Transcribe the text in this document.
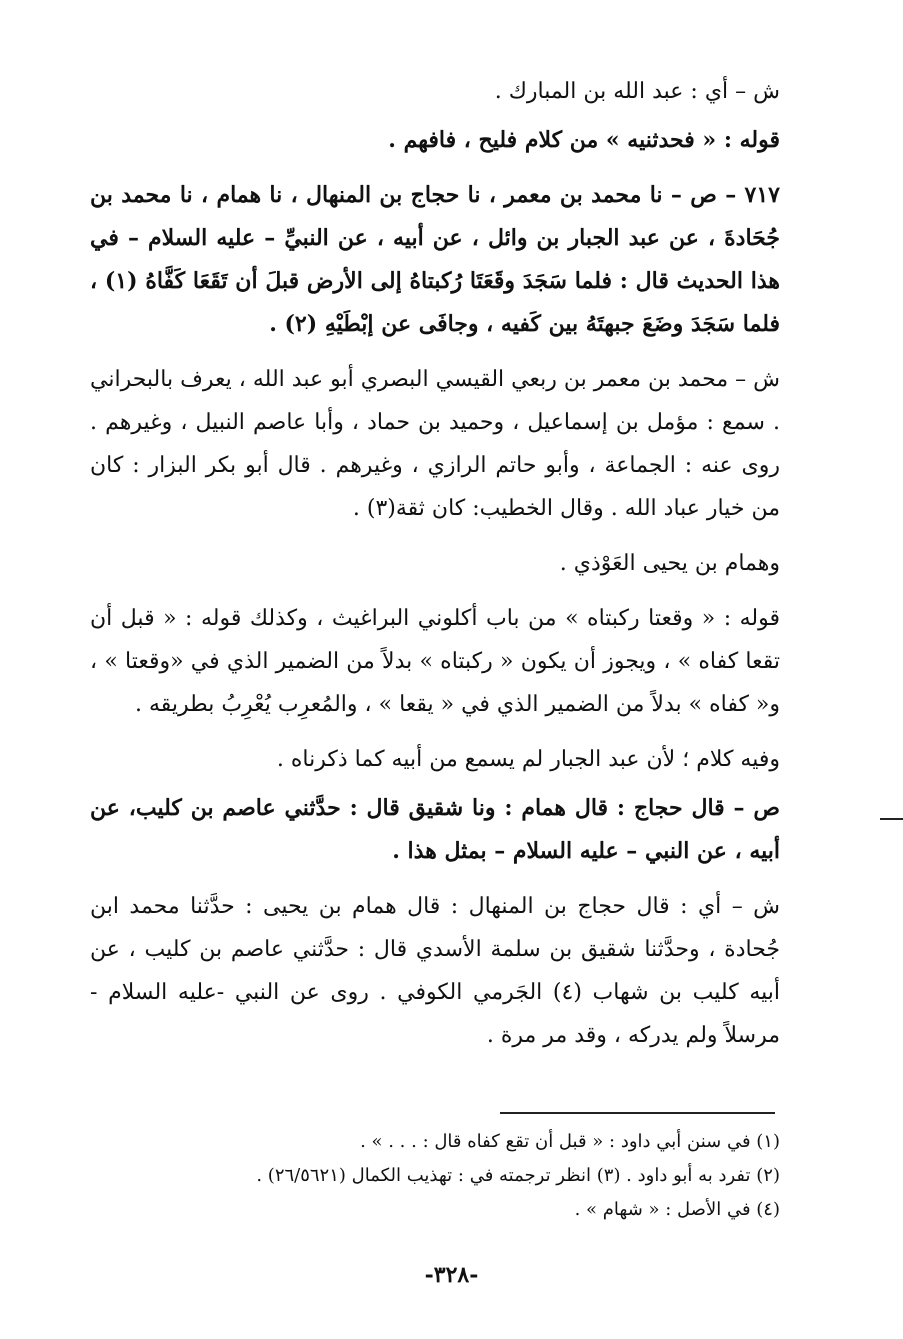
ش – أي : عبد الله بن المبارك .

قوله : « فحدثنيه » من كلام فليح ، فافهم .

٧١٧ – ص – نا محمد بن معمر ، نا حجاج بن المنهال ، نا همام ، نا محمد بن جُحَادةَ ، عن عبد الجبار بن وائل ، عن أبيه ، عن النبيِّ – عليه السلام – في هذا الحديث قال : فلما سَجَدَ وقَعَتَا رُكبتاهُ إلى الأرض قبلَ أن تَقَعَا كَفَّاهُ (١) ، فلما سَجَدَ وضَعَ جبهتَهُ بين كَفيه ، وجافَى عن إبْطَيْهِ (٢) .

ش – محمد بن معمر بن ربعي القيسي البصري أبو عبد الله ، يعرف بالبحراني . سمع : مؤمل بن إسماعيل ، وحميد بن حماد ، وأبا عاصم النبيل ، وغيرهم . روى عنه : الجماعة ، وأبو حاتم الرازي ، وغيرهم . قال أبو بكر البزار : كان من خيار عباد الله . وقال الخطيب: كان ثقة(٣) .

وهمام بن يحيى العَوْذي .

قوله : « وقعتا ركبتاه » من باب أكلوني البراغيث ، وكذلك قوله : « قبل أن تقعا كفاه » ، ويجوز أن يكون « ركبتاه » بدلاً من الضمير الذي في «وقعتا » ، و« كفاه » بدلاً من الضمير الذي في « يقعا » ، والمُعرِب يُعْرِبُ بطريقه .

وفيه كلام ؛ لأن عبد الجبار لم يسمع من أبيه كما ذكرناه .

ص – قال حجاج : قال همام : ونا شقيق قال : حدَّثني عاصم بن كليب، عن أبيه ، عن النبي – عليه السلام – بمثل هذا .

ش – أي : قال حجاج بن المنهال : قال همام بن يحيى : حدَّثنا محمد ابن جُحادة ، وحدَّثنا شقيق بن سلمة الأسدي قال : حدَّثني عاصم بن كليب ، عن أبيه كليب بن شهاب (٤) الجَرمي الكوفي . روى عن النبي -عليه السلام - مرسلاً ولم يدركه ، وقد مر مرة .

(١) في سنن أبي داود : « قبل أن تقع كفاه قال : . . . » .

(٢) تفرد به أبو داود . (٣) انظر ترجمته في : تهذيب الكمال (٢٦/٥٦٢١) .

(٤) في الأصل : « شهام » .

-٣٢٨-
